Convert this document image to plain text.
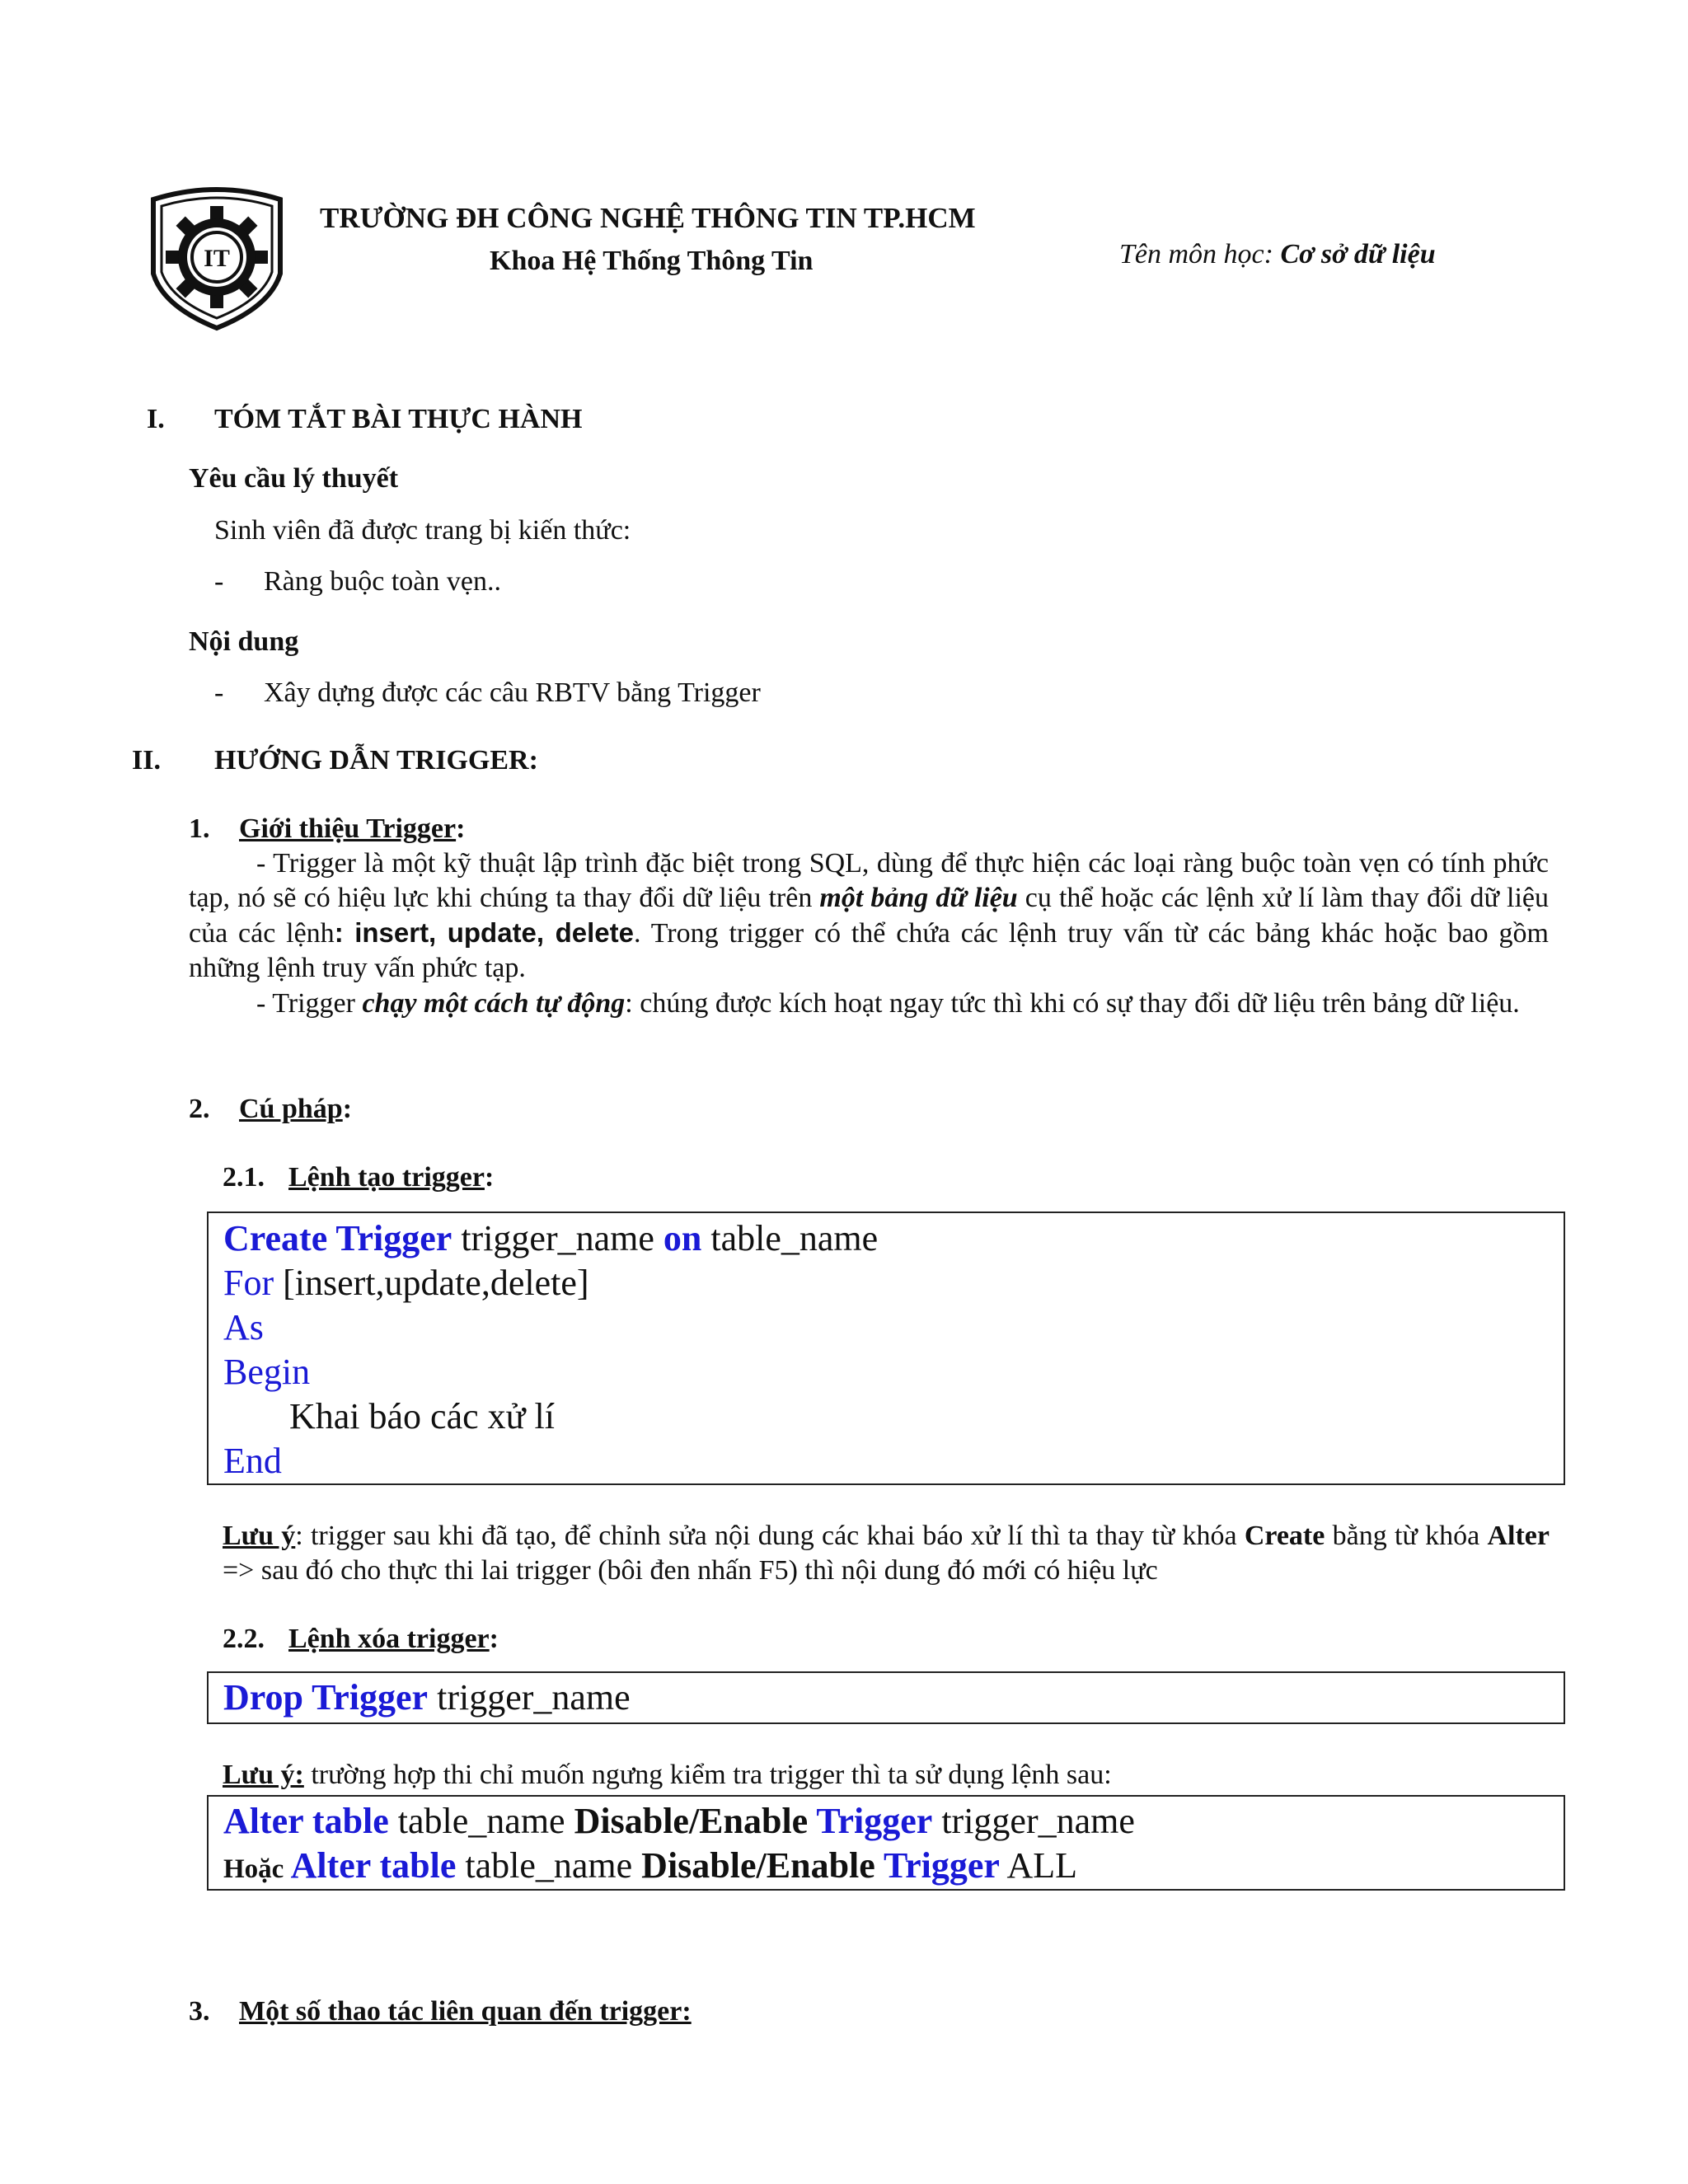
IT
TRƯỜNG ĐH CÔNG NGHỆ THÔNG TIN TP.HCM
Khoa Hệ Thống Thông Tin	Tên môn học: Cơ sở dữ liệu
I. TÓM TẮT BÀI THỰC HÀNH
Yêu cầu lý thuyết
Sinh viên đã được trang bị kiến thức:
- Ràng buộc toàn vẹn..
Nội dung
- Xây dựng được các câu RBTV bằng Trigger
II. HƯỚNG DẪN TRIGGER:
1. Giới thiệu Trigger:
- Trigger là một kỹ thuật lập trình đặc biệt trong SQL, dùng để thực hiện các loại ràng buộc toàn vẹn có tính phức tạp, nó sẽ có hiệu lực khi chúng ta thay đổi dữ liệu trên một bảng dữ liệu cụ thể hoặc các lệnh xử lí làm thay đổi dữ liệu của các lệnh: insert, update, delete. Trong trigger có thể chứa các lệnh truy vấn từ các bảng khác hoặc bao gồm những lệnh truy vấn phức tạp.
- Trigger chạy một cách tự động: chúng được kích hoạt ngay tức thì khi có sự thay đổi dữ liệu trên bảng dữ liệu.
2. Cú pháp:
2.1. Lệnh tạo trigger:
Create Trigger trigger_name on table_name
For [insert,update,delete]
As
Begin
Khai báo các xử lí
End
Lưu ý: trigger sau khi đã tạo, để chỉnh sửa nội dung các khai báo xử lí thì ta thay từ khóa Create bằng từ khóa Alter => sau đó cho thực thi lai trigger (bôi đen nhấn F5) thì nội dung đó mới có hiệu lực
2.2. Lệnh xóa trigger:
Drop Trigger trigger_name
Lưu ý: trường hợp thi chỉ muốn ngưng kiểm tra trigger thì ta sử dụng lệnh sau:
Alter table table_name Disable/Enable Trigger trigger_name
Hoặc Alter table table_name Disable/Enable Trigger ALL
3. Một số thao tác liên quan đến trigger:
